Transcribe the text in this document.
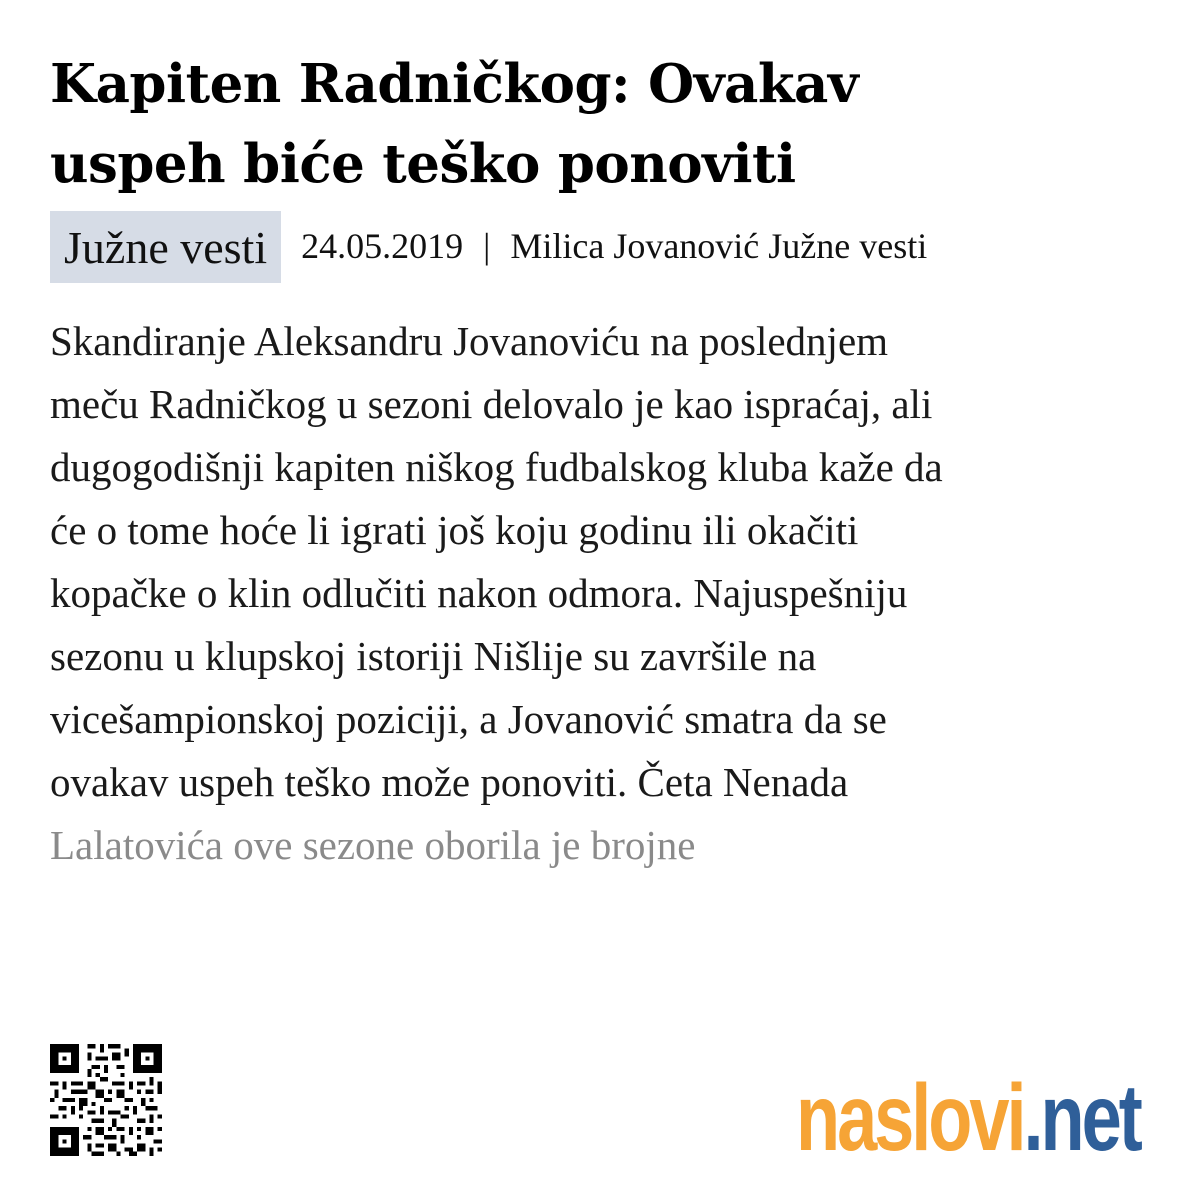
Kapiten Radničkog: Ovakav
uspeh biće teško ponoviti
Južne vesti 24.05.2019 | Milica Jovanović Južne vesti
Skandiranje Aleksandru Jovanoviću na poslednjem
meču Radničkog u sezoni delovalo je kao ispraćaj, ali
dugogodišnji kapiten niškog fudbalskog kluba kaže da
će o tome hoće li igrati još koju godinu ili okačiti
kopačke o klin odlučiti nakon odmora. Najuspešniju
sezonu u klupskoj istoriji Nišlije su završile na
vicešampionskoj poziciji, a Jovanović smatra da se
ovakav uspeh teško može ponoviti. Četa Nenada
Lalatovića ove sezone oborila je brojne
naslovi .net
